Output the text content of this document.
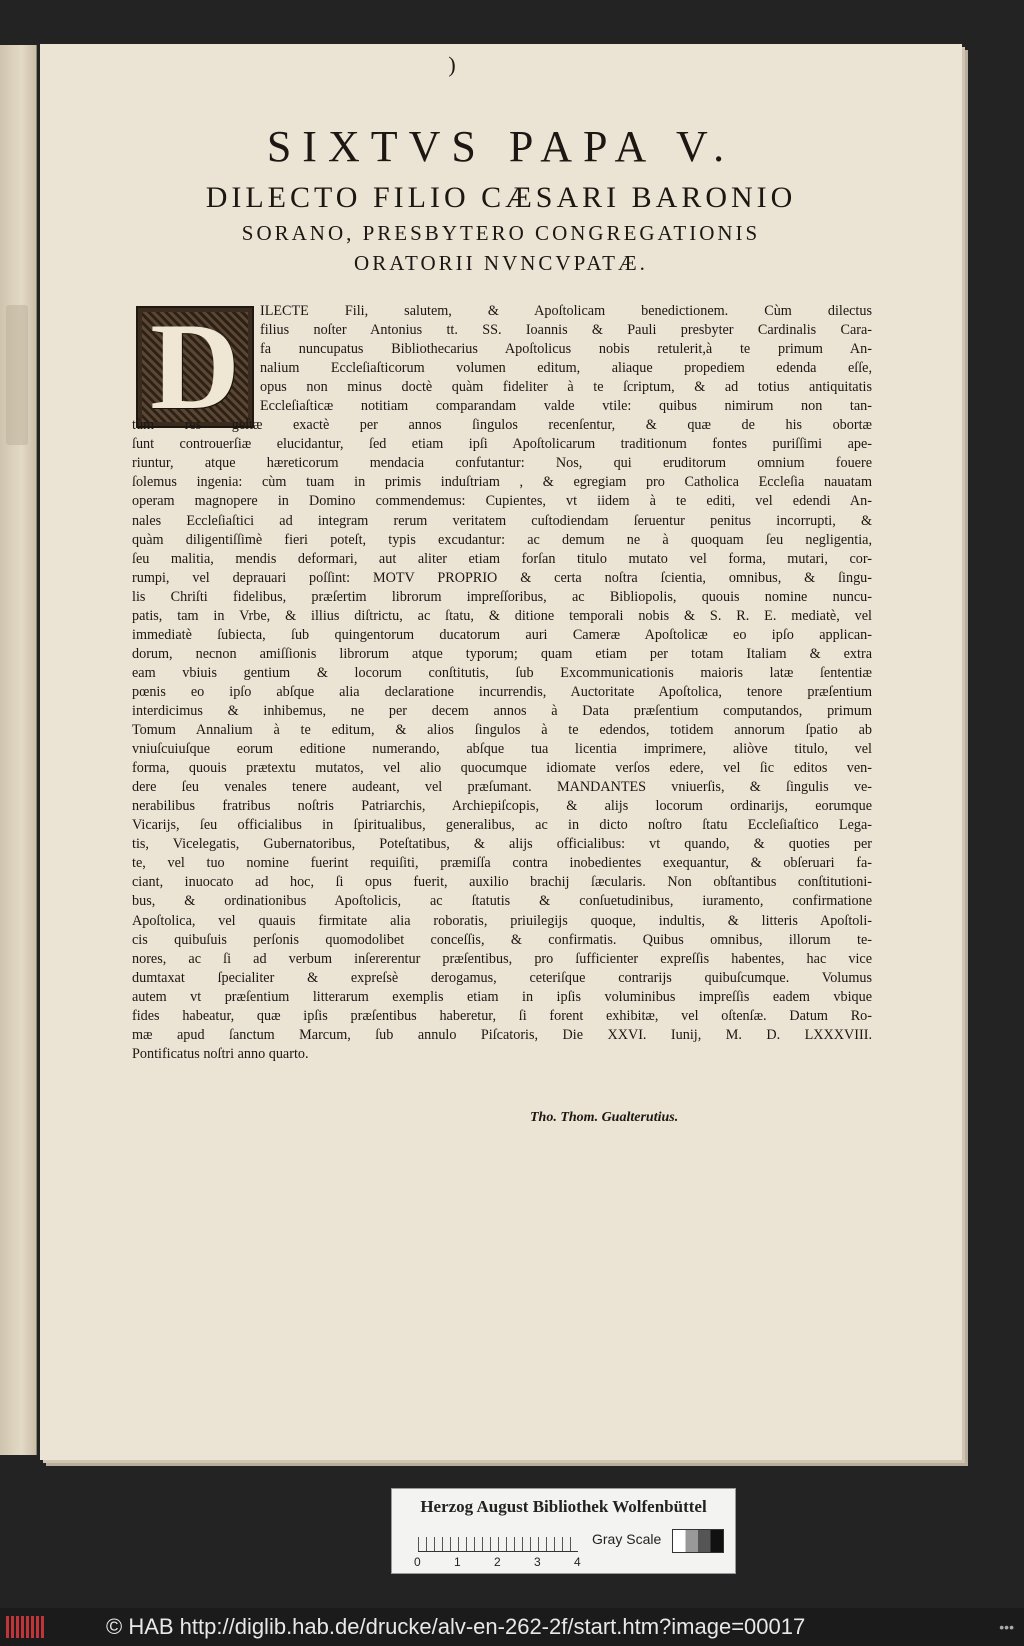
)
SIXTVS PAPA V.
DILECTO FILIO CÆSARI BARONIO
SORANO, PRESBYTERO CONGREGATIONIS
ORATORII NVNCVPATÆ.
D	ILECTE Fili, salutem, & Apoſtolicam benedictionem. Cùm dilectus
filius noſter Antonius tt. SS. Ioannis & Pauli presbyter Cardinalis Cara-
fa nuncupatus Bibliothecarius Apoſtolicus nobis retulerit,à te primum An-
nalium Eccleſiaſticorum volumen editum, aliaque propediem edenda eſſe,
opus non minus doctè quàm fideliter à te ſcriptum, & ad totius antiquitatis
Eccleſiaſticæ notitiam comparandam valde vtile: quibus nimirum non tan-
tùm res geſtæ exactè per annos ſingulos recenſentur, & quæ de his obortæ
ſunt controuerſiæ elucidantur, ſed etiam ipſi Apoſtolicarum traditionum fontes puriſſimi ape-
riuntur, atque hæreticorum mendacia confutantur: Nos, qui eruditorum omnium fouere
ſolemus ingenia: cùm tuam in primis induſtriam , & egregiam pro Catholica Eccleſia nauatam
operam magnopere in Domino commendemus: Cupientes, vt iidem à te editi, vel edendi An-
nales Eccleſiaſtici ad integram rerum veritatem cuſtodiendam ſeruentur penitus incorrupti, &
quàm diligentiſſimè fieri poteſt, typis excudantur: ac demum ne à quoquam ſeu negligentia,
ſeu malitia, mendis deformari, aut aliter etiam forſan titulo mutato vel forma, mutari, cor-
rumpi, vel deprauari poſſint: MOTV PROPRIO & certa noſtra ſcientia, omnibus, & ſingu-
lis Chriſti fidelibus, præſertim librorum impreſſoribus, ac Bibliopolis, quouis nomine nuncu-
patis, tam in Vrbe, & illius diſtrictu, ac ſtatu, & ditione temporali nobis & S. R. E. mediatè, vel
immediatè ſubiecta, ſub quingentorum ducatorum auri Cameræ Apoſtolicæ eo ipſo applican-
dorum, necnon amiſſionis librorum atque typorum; quam etiam per totam Italiam & extra
eam vbiuis gentium & locorum conſtitutis, ſub Excommunicationis maioris latæ ſententiæ
pœnis eo ipſo abſque alia declaratione incurrendis, Auctoritate Apoſtolica, tenore præſentium
interdicimus & inhibemus, ne per decem annos à Data præſentium computandos, primum
Tomum Annalium à te editum, & alios ſingulos à te edendos, totidem annorum ſpatio ab
vniuſcuiuſque eorum editione numerando, abſque tua licentia imprimere, aliòve titulo, vel
forma, quouis prætextu mutatos, vel alio quocumque idiomate verſos edere, vel ſic editos ven-
dere ſeu venales tenere audeant, vel præſumant. MANDANTES vniuerſis, & ſingulis ve-
nerabilibus fratribus noſtris Patriarchis, Archiepiſcopis, & alijs locorum ordinarijs, eorumque
Vicarijs, ſeu officialibus in ſpiritualibus, generalibus, ac in dicto noſtro ſtatu Eccleſiaſtico Lega-
tis, Vicelegatis, Gubernatoribus, Poteſtatibus, & alijs officialibus: vt quando, & quoties per
te, vel tuo nomine fuerint requiſiti, præmiſſa contra inobedientes exequantur, & obſeruari fa-
ciant, inuocato ad hoc, ſi opus fuerit, auxilio brachij ſæcularis. Non obſtantibus conſtitutioni-
bus, & ordinationibus Apoſtolicis, ac ſtatutis & conſuetudinibus, iuramento, confirmatione
Apoſtolica, vel quauis firmitate alia roboratis, priuilegijs quoque, indultis, & litteris Apoſtoli-
cis quibuſuis perſonis quomodolibet conceſſis, & confirmatis. Quibus omnibus, illorum te-
nores, ac ſi ad verbum inſererentur præſentibus, pro ſufficienter expreſſis habentes, hac vice
dumtaxat ſpecialiter & expreſsè derogamus, ceteriſque contrarijs quibuſcumque. Volumus
autem vt præſentium litterarum exemplis etiam in ipſis voluminibus impreſſis eadem vbique
fides habeatur, quæ ipſis præſentibus haberetur, ſi forent exhibitæ, vel oſtenſæ. Datum Ro-
mæ apud ſanctum Marcum, ſub annulo Piſcatoris, Die XXVI. Iunij, M. D. LXXXVIII.
Pontificatus noſtri anno quarto.
Tho. Thom. Gualterutius.
Herzog August Bibliothek Wolfenbüttel
0	1	2	3	4
Gray Scale
© HAB http://diglib.hab.de/drucke/alv-en-262-2f/start.htm?image=00017	•••
